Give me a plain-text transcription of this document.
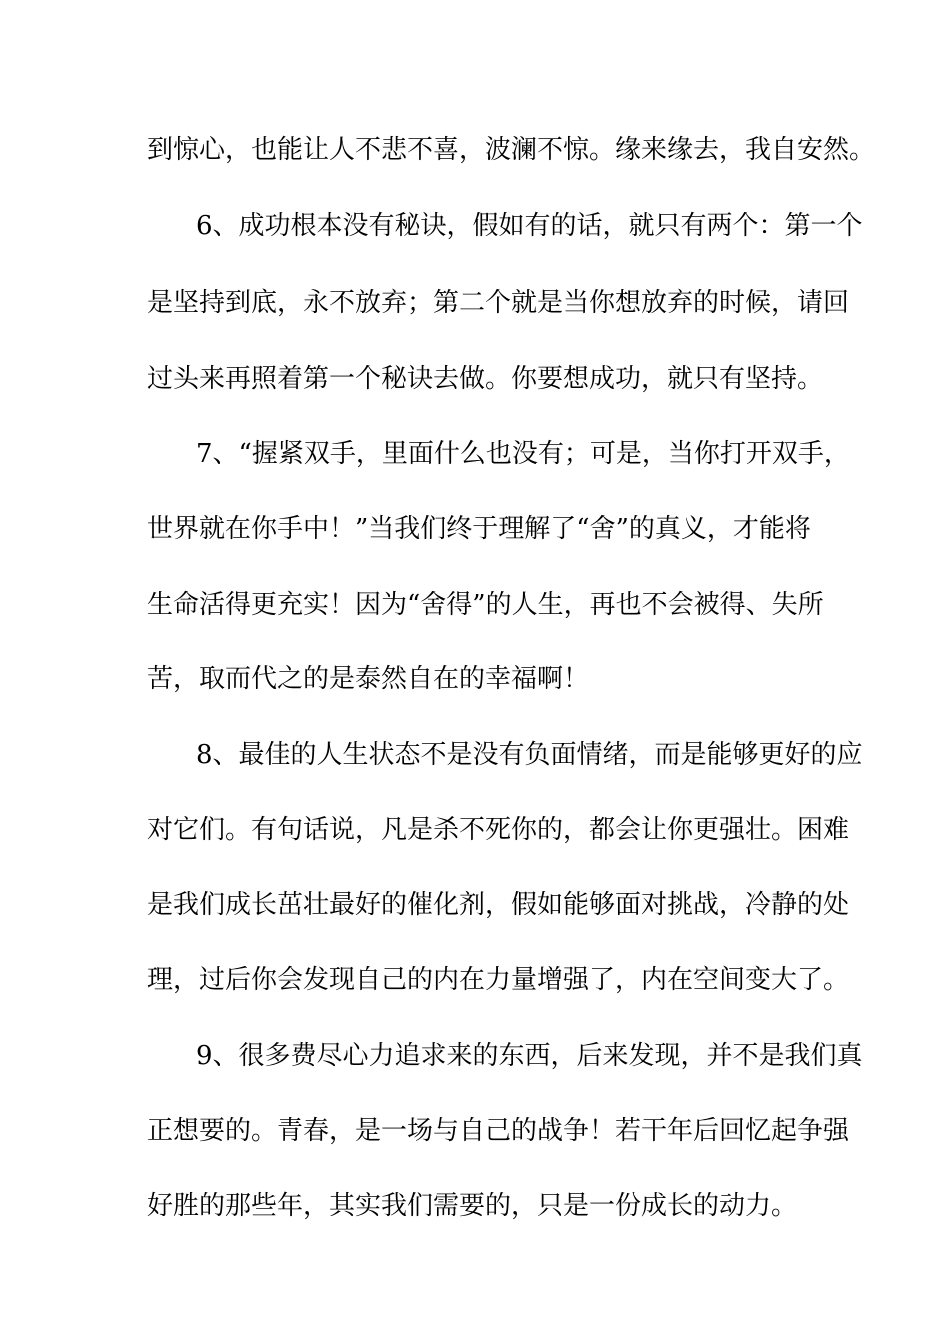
到惊心，也能让人不悲不喜，波澜不惊。缘来缘去，我自安然。
6、成功根本没有秘诀，假如有的话，就只有两个：第一个
是坚持到底，永不放弃；第二个就是当你想放弃的时候，请回
过头来再照着第一个秘诀去做。你要想成功，就只有坚持。
7、“握紧双手，里面什么也没有；可是，当你打开双手，
世界就在你手中！”当我们终于理解了“舍”的真义，才能将
生命活得更充实！因为“舍得”的人生，再也不会被得、失所
苦，取而代之的是泰然自在的幸福啊！
8、最佳的人生状态不是没有负面情绪，而是能够更好的应
对它们。有句话说，凡是杀不死你的，都会让你更强壮。困难
是我们成长茁壮最好的催化剂，假如能够面对挑战，冷静的处
理，过后你会发现自己的内在力量增强了，内在空间变大了。
9、很多费尽心力追求来的东西，后来发现，并不是我们真
正想要的。青春，是一场与自己的战争！若干年后回忆起争强
好胜的那些年，其实我们需要的，只是一份成长的动力。
